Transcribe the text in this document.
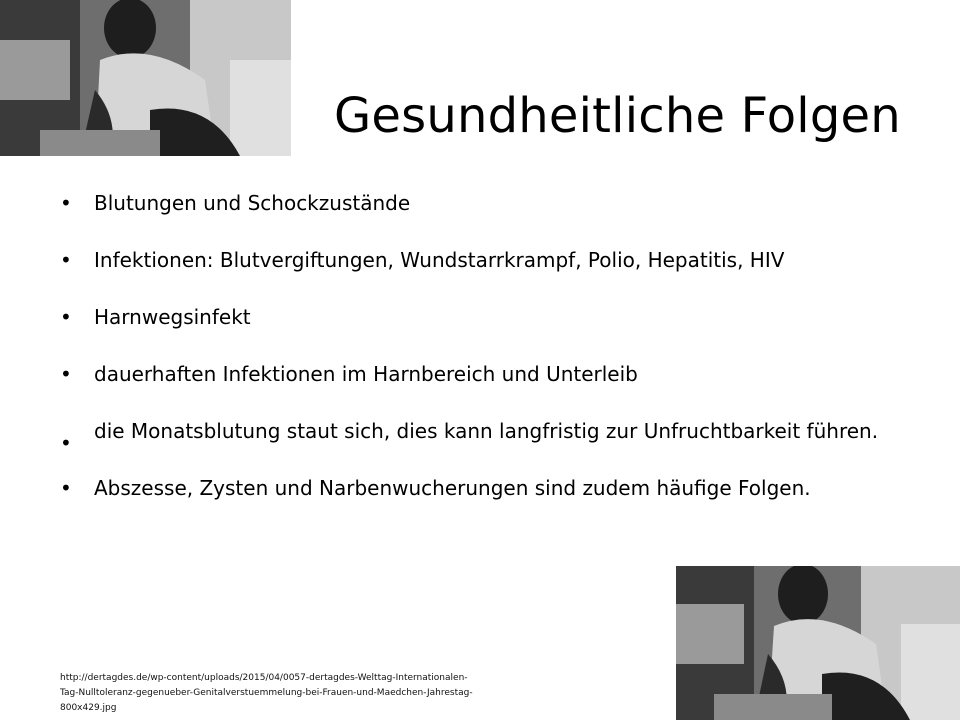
Gesundheitliche Folgen
• Blutungen und Schockzustände
• Infektionen: Blutvergiftungen, Wundstarrkrampf, Polio, Hepatitis, HIV
• Harnwegsinfekt
• dauerhaften Infektionen im Harnbereich und Unterleib
• die Monatsblutung staut sich, dies kann langfristig zur Unfruchtbarkeit führen.
• Abszesse, Zysten und Narbenwucherungen sind zudem häufige Folgen.
http://dertagdes.de/wp-content/uploads/2015/04/0057-dertagdes-Welttag-Internationalen-
Tag-Nulltoleranz-gegenueber-Genitalverstuemmelung-bei-Frauen-und-Maedchen-Jahrestag-
800x429.jpg
